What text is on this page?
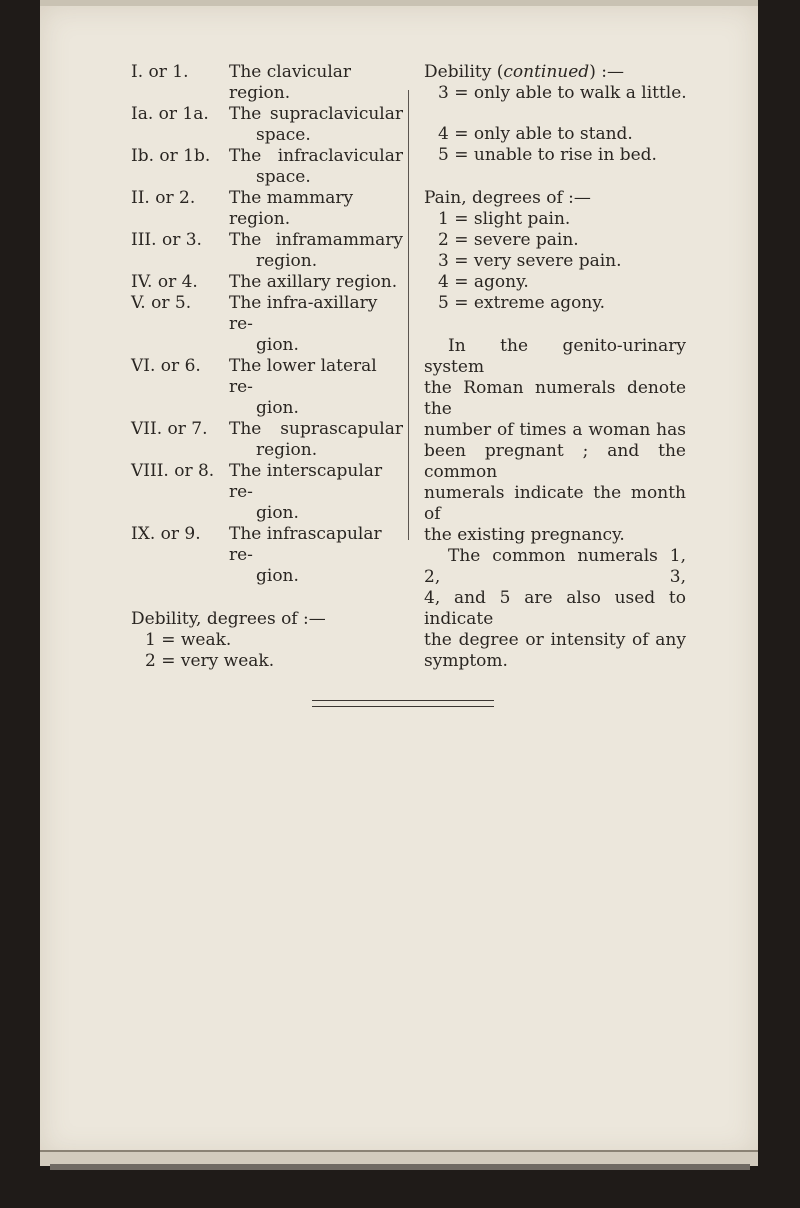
I. or 1.	The clavicular region.
Ia. or 1a.	The supraclavicular
space.
Ib. or 1b.	The infraclavicular
space.
II. or 2.	The mammary region.
III. or 3.	The inframammary
region.
IV. or 4.	The axillary region.
V. or 5.	The infra-axillary re-
gion.
VI. or 6.	The lower lateral re-
gion.
VII. or 7.	The suprascapular
region.
VIII. or 8. The interscapular re-
gion.
IX. or 9.	The infrascapular re-
gion.

Debility, degrees of :—

1 = weak.

2 = very weak.

Debility (continued) :—

3 = only able to walk a little.

4 = only able to stand.

5 = unable to rise in bed.

Pain, degrees of :—

1 = slight pain.

2 = severe pain.

3 = very severe pain.

4 = agony.

5 = extreme agony.

In the genito-urinary system

the Roman numerals denote the

number of times a woman has

been pregnant ; and the common

numerals indicate the month of

the existing pregnancy.

The common numerals 1, 2, 3,

4, and 5 are also used to indicate

the degree or intensity of any

symptom.
